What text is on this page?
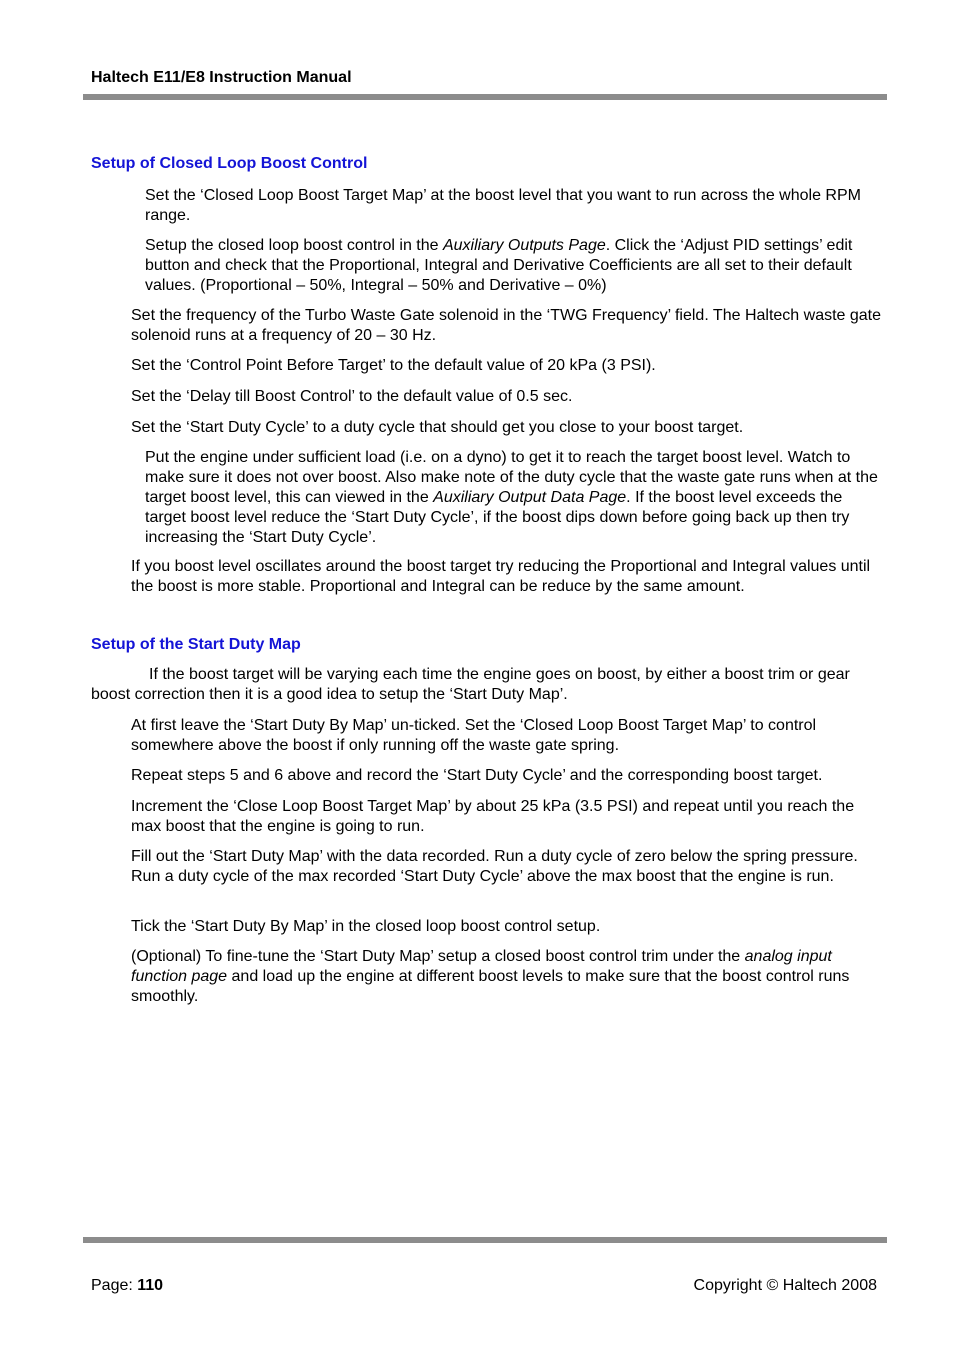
Haltech E11/E8 Instruction Manual
Setup of Closed Loop Boost Control

Set the ‘Closed Loop Boost Target Map’ at the boost level that you want to run across the whole RPM range.

Setup the closed loop boost control in the Auxiliary Outputs Page. Click the ‘Adjust PID settings’ edit button and check that the Proportional, Integral and Derivative Coefficients are all set to their default values. (Proportional – 50%, Integral – 50% and Derivative – 0%)

Set the frequency of the Turbo Waste Gate solenoid in the ‘TWG Frequency’ field. The Haltech waste gate solenoid runs at a frequency of 20 – 30 Hz.

Set the ‘Control Point Before Target’ to the default value of 20 kPa (3 PSI).

Set the ‘Delay till Boost Control’ to the default value of 0.5 sec.

Set the ‘Start Duty Cycle’ to a duty cycle that should get you close to your boost target.

Put the engine under sufficient load (i.e. on a dyno) to get it to reach the target boost level. Watch to make sure it does not over boost. Also make note of the duty cycle that the waste gate runs when at the target boost level, this can viewed in the Auxiliary Output Data Page. If the boost level exceeds the target boost level reduce the ‘Start Duty Cycle’, if the boost dips down before going back up then try increasing the ‘Start Duty Cycle’.

If you boost level oscillates around the boost target try reducing the Proportional and Integral values until the boost is more stable. Proportional and Integral can be reduce by the same amount.

Setup of the Start Duty Map

If the boost target will be varying each time the engine goes on boost, by either a boost trim or gear boost correction then it is a good idea to setup the ‘Start Duty Map’.

At first leave the ‘Start Duty By Map’ un-ticked. Set the ‘Closed Loop Boost Target Map’ to control somewhere above the boost if only running off the waste gate spring.

Repeat steps 5 and 6 above and record the ‘Start Duty Cycle’ and the corresponding boost target.

Increment the ‘Close Loop Boost Target Map’ by about 25 kPa (3.5 PSI) and repeat until you reach the max boost that the engine is going to run.

Fill out the ‘Start Duty Map’ with the data recorded. Run a duty cycle of zero below the spring pressure. Run a duty cycle of the max recorded ‘Start Duty Cycle’ above the max boost that the engine is run.

Tick the ‘Start Duty By Map’ in the closed loop boost control setup.

(Optional) To fine-tune the ‘Start Duty Map’ setup a closed boost control trim under the analog input function page and load up the engine at different boost levels to make sure that the boost control runs smoothly.

Page: 110	Copyright © Haltech 2008
